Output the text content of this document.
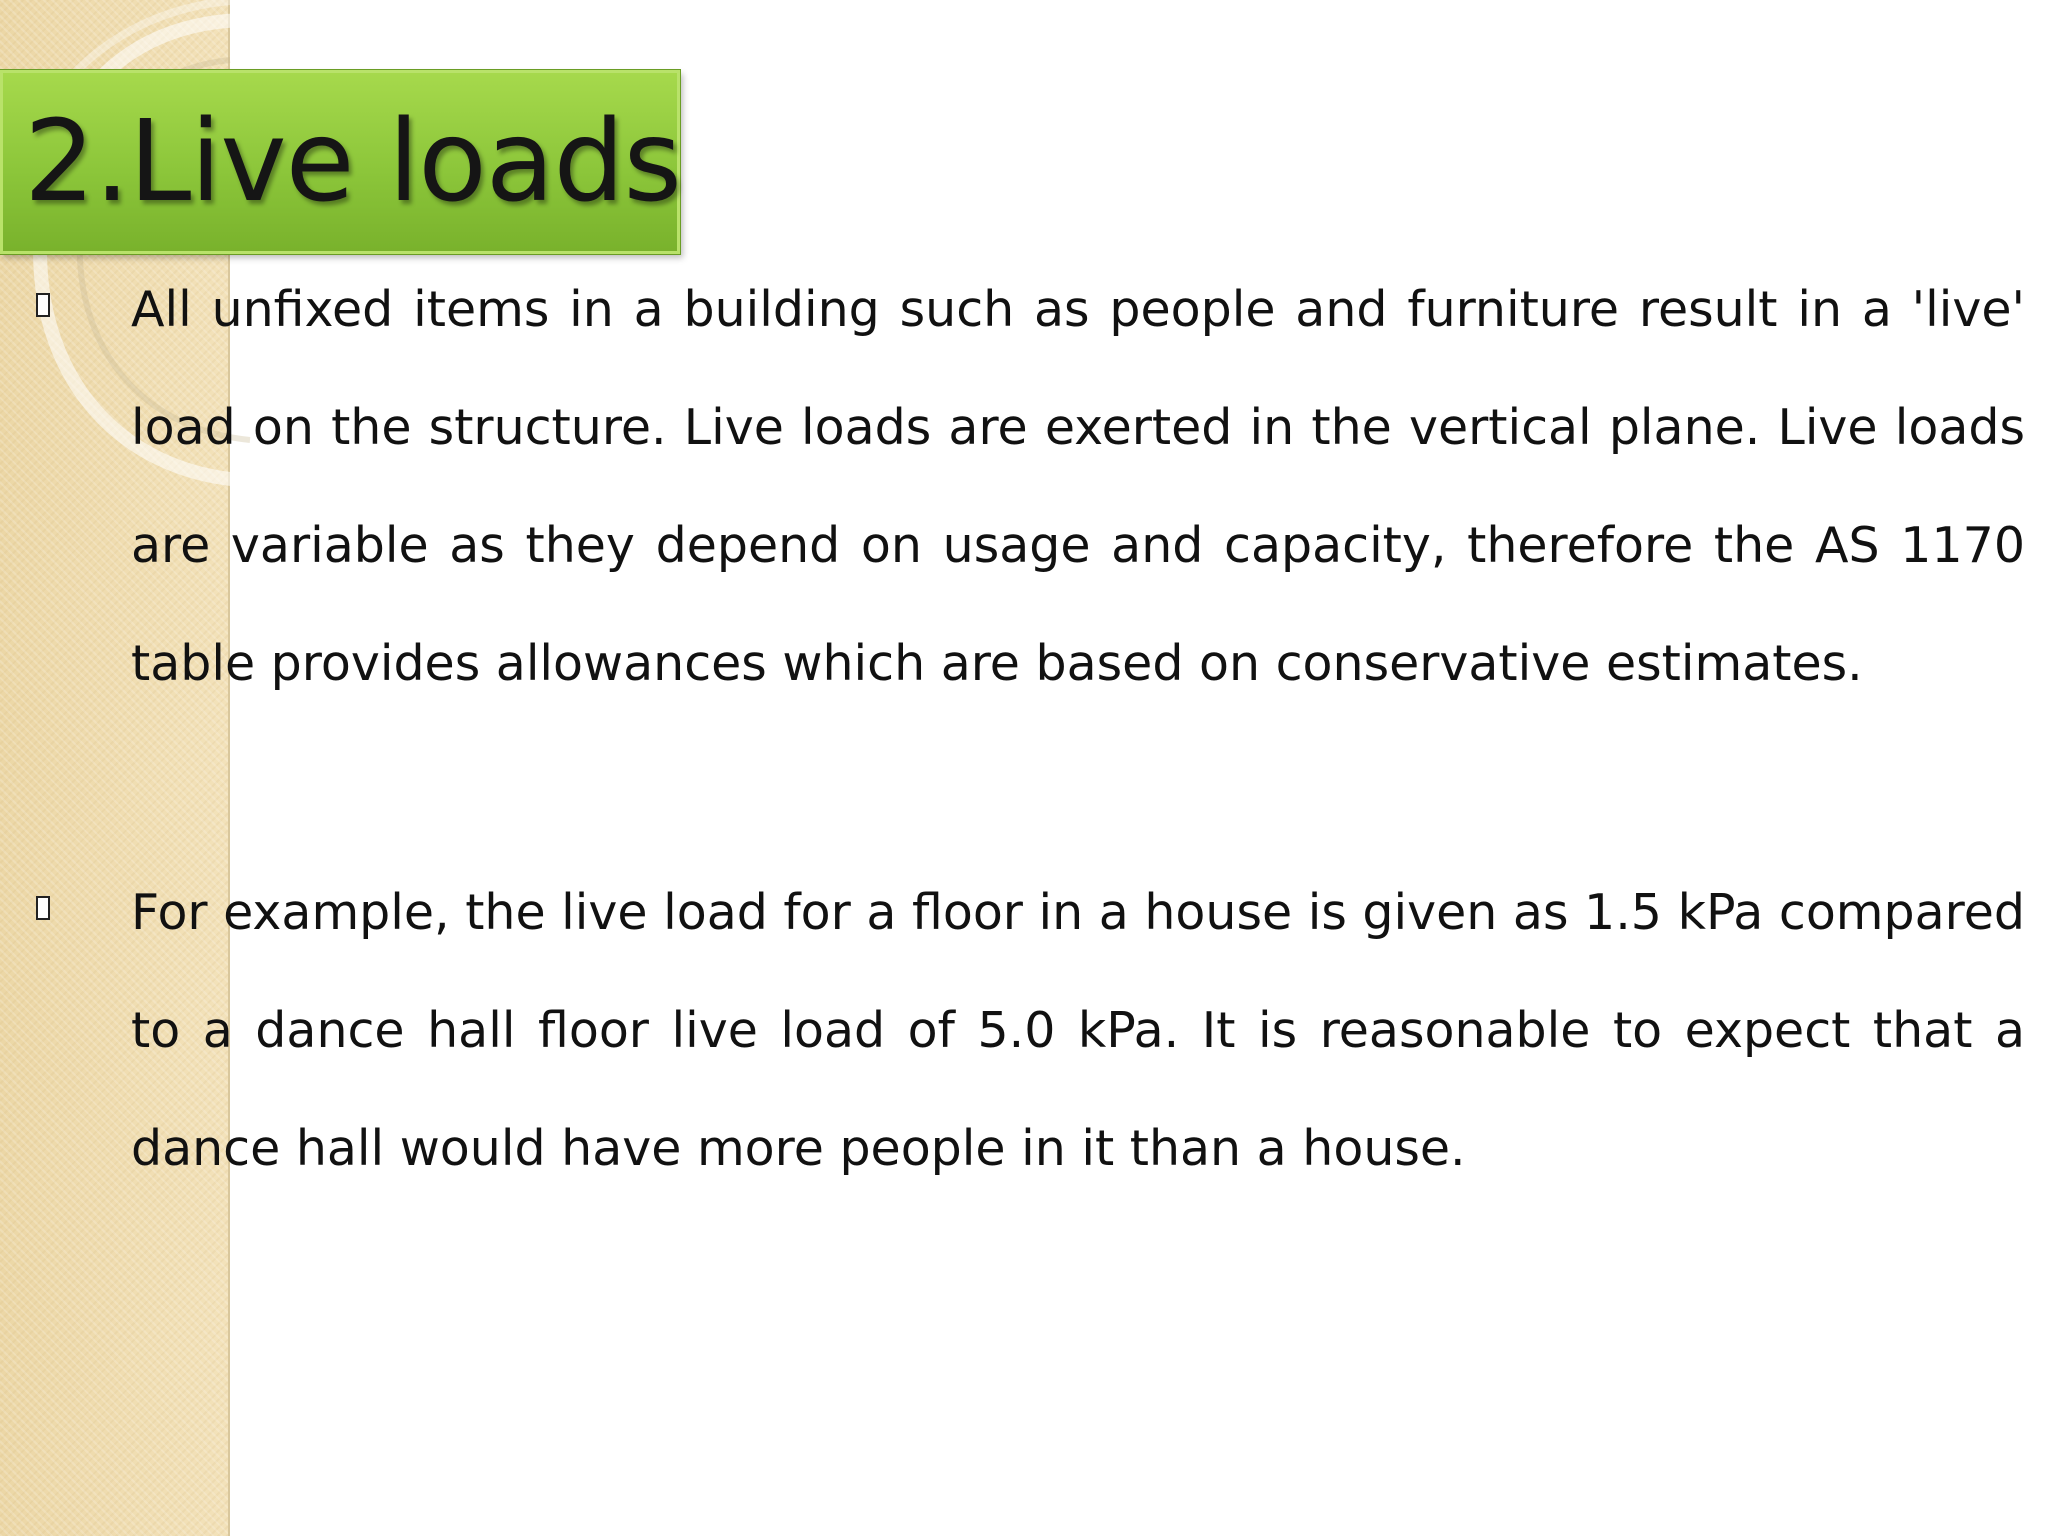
2.Live loads

All unfixed items in a building such as people and furniture result in a 'live' load on the structure. Live loads are exerted in the vertical plane. Live loads are variable as they depend on usage and capacity, therefore the AS 1170 table provides allowances which are based on conservative estimates.

For example, the live load for a floor in a house is given as 1.5 kPa compared to a dance hall floor live load of 5.0 kPa. It is reasonable to expect that a dance hall would have more people in it than a house.
